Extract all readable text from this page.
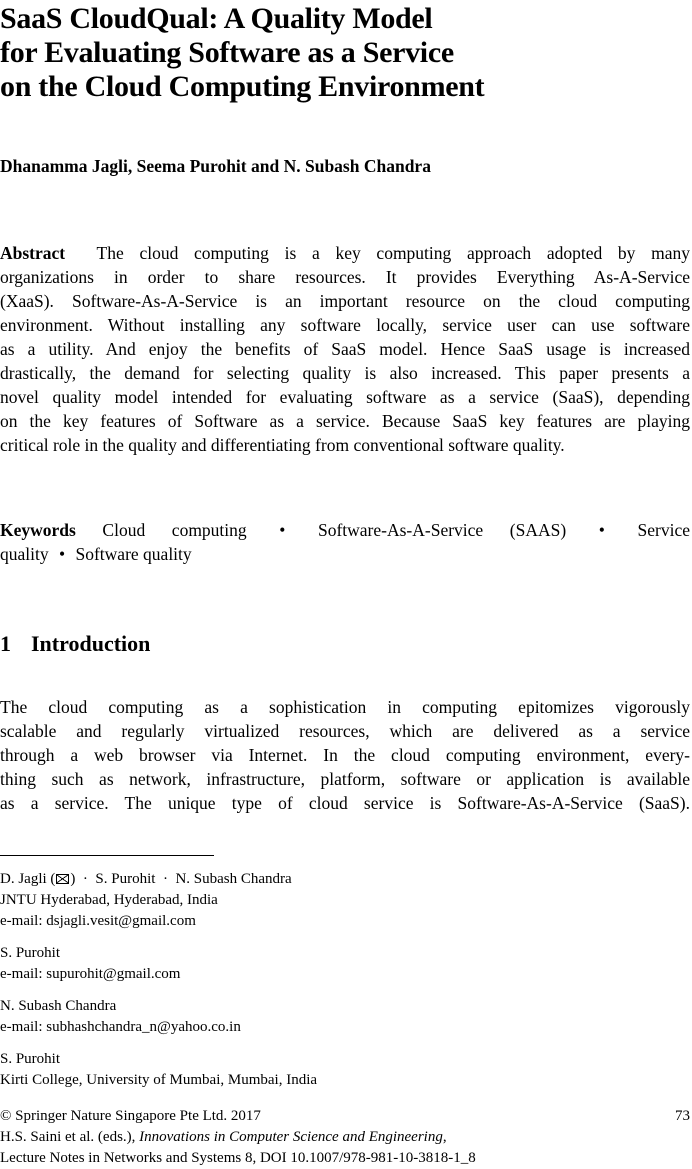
SaaS CloudQual: A Quality Model
for Evaluating Software as a Service
on the Cloud Computing Environment
Dhanamma Jagli, Seema Purohit and N. Subash Chandra
Abstract The cloud computing is a key computing approach adopted by many
organizations in order to share resources. It provides Everything As-A-Service
(XaaS). Software-As-A-Service is an important resource on the cloud computing
environment. Without installing any software locally, service user can use software
as a utility. And enjoy the benefits of SaaS model. Hence SaaS usage is increased
drastically, the demand for selecting quality is also increased. This paper presents a
novel quality model intended for evaluating software as a service (SaaS), depending
on the key features of Software as a service. Because SaaS key features are playing
critical role in the quality and differentiating from conventional software quality.
Keywords Cloud computing • Software-As-A-Service (SAAS) • Service quality • Software quality
1 Introduction
The cloud computing as a sophistication in computing epitomizes vigorously
scalable and regularly virtualized resources, which are delivered as a service
through a web browser via Internet. In the cloud computing environment, every-
thing such as network, infrastructure, platform, software or application is available
as a service. The unique type of cloud service is Software-As-A-Service (SaaS).
D. Jagli ( )  · S. Purohit · N. Subash Chandra
JNTU Hyderabad, Hyderabad, India
e-mail: dsjagli.vesit@gmail.com
S. Purohit
e-mail: supurohit@gmail.com
N. Subash Chandra
e-mail: subhashchandra_n@yahoo.co.in
S. Purohit
Kirti College, University of Mumbai, Mumbai, India
© Springer Nature Singapore Pte Ltd. 2017	73
H.S. Saini et al. (eds.), Innovations in Computer Science and Engineering,
Lecture Notes in Networks and Systems 8, DOI 10.1007/978-981-10-3818-1_8
